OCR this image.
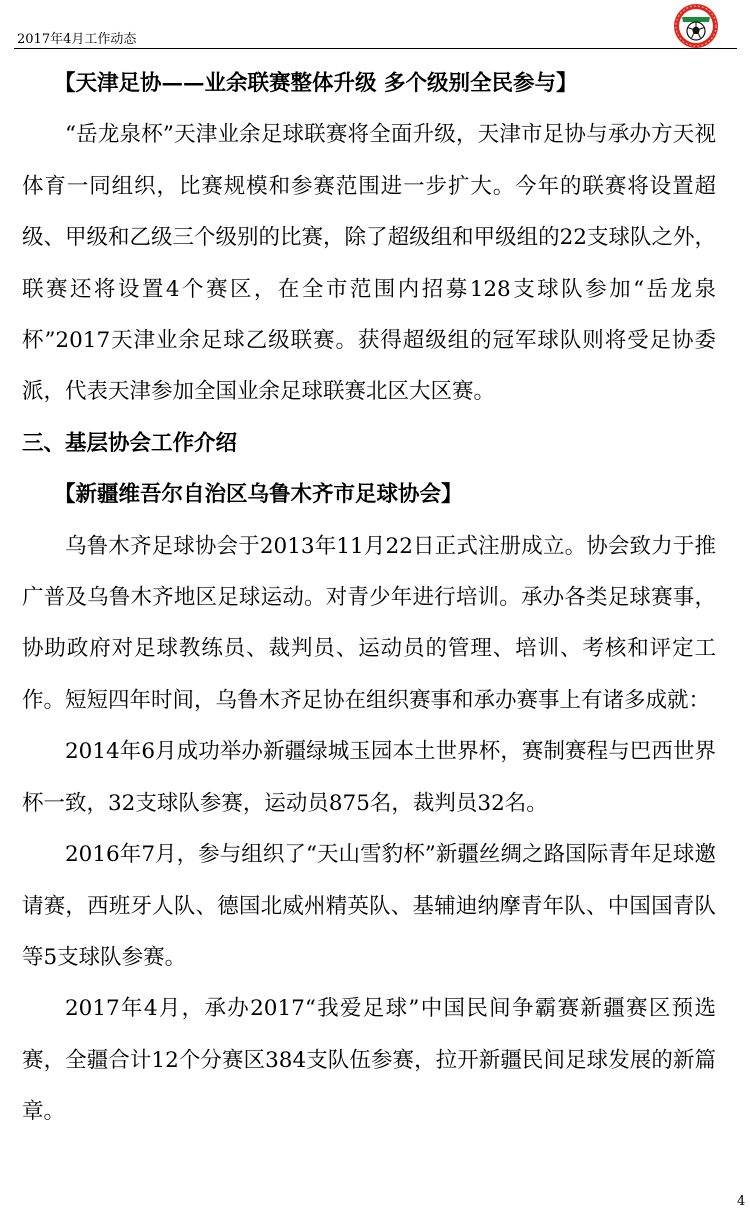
2017年4月工作动态

【天津足协——业余联赛整体升级 多个级别全民参与】

“岳龙泉杯”天津业余足球联赛将全面升级，天津市足协与承办方天视体育一同组织，比赛规模和参赛范围进一步扩大。今年的联赛将设置超级、甲级和乙级三个级别的比赛，除了超级组和甲级组的22支球队之外，联赛还将设置4个赛区，在全市范围内招募128支球队参加“岳龙泉杯”2017天津业余足球乙级联赛。获得超级组的冠军球队则将受足协委派，代表天津参加全国业余足球联赛北区大区赛。

三、基层协会工作介绍

【新疆维吾尔自治区乌鲁木齐市足球协会】

乌鲁木齐足球协会于2013年11月22日正式注册成立。协会致力于推广普及乌鲁木齐地区足球运动。对青少年进行培训。承办各类足球赛事，协助政府对足球教练员、裁判员、运动员的管理、培训、考核和评定工作。短短四年时间，乌鲁木齐足协在组织赛事和承办赛事上有诸多成就：

2014年6月成功举办新疆绿城玉园本土世界杯，赛制赛程与巴西世界杯一致，32支球队参赛，运动员875名，裁判员32名。

2016年7月，参与组织了“天山雪豹杯”新疆丝绸之路国际青年足球邀请赛，西班牙人队、德国北威州精英队、基辅迪纳摩青年队、中国国青队等5支球队参赛。

2017年4月，承办2017“我爱足球”中国民间争霸赛新疆赛区预选赛，全疆合计12个分赛区384支队伍参赛，拉开新疆民间足球发展的新篇章。

4
